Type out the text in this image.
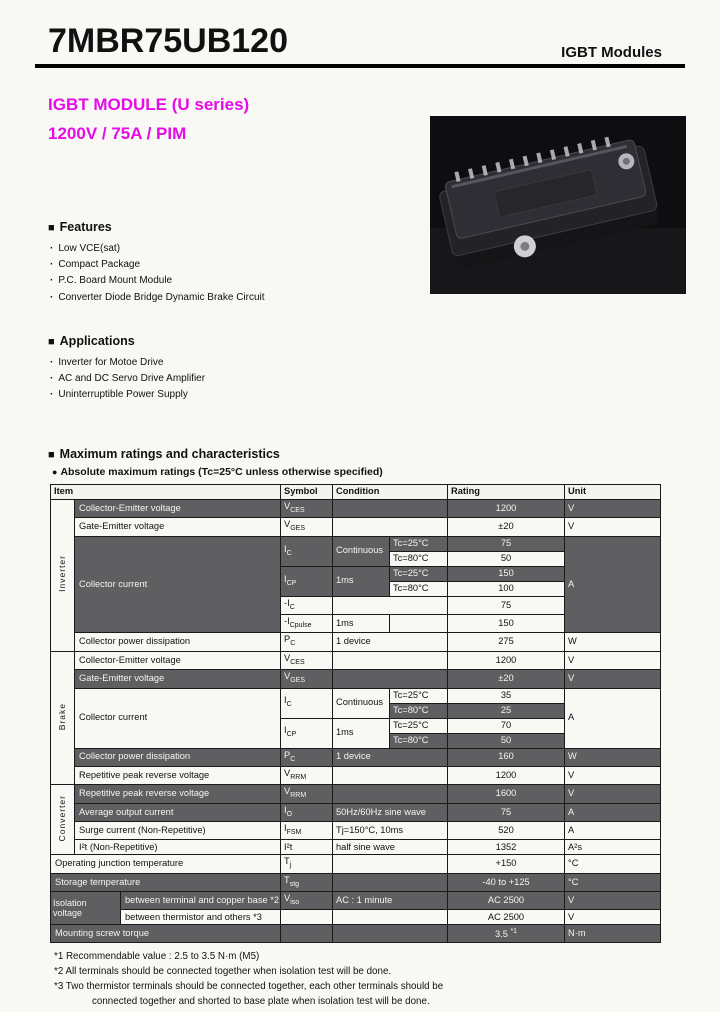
7MBR75UB120	IGBT Modules
IGBT MODULE (U series)
1200V / 75A / PIM
■ Features
· Low VCE(sat)
· Compact Package
· P.C. Board Mount Module
· Converter Diode Bridge Dynamic Brake Circuit
■ Applications
· Inverter for Motoe Drive
· AC and DC Servo Drive Amplifier
· Uninterruptible Power Supply
■ Maximum ratings and characteristics
● Absolute maximum ratings (Tc=25°C unless otherwise specified)
Item			Symbol	Condition		Rating	Unit
Inverter	Collector-Emitter voltage		$V_{CES}$			1200	V
	Gate-Emitter voltage		$V_{GES}$			±20	V
	Collector current		$I_C$	Continuous	Tc=25°C	75	A
					Tc=80°C	50	
			$I_{CP}$	1ms	Tc=25°C	150	
					Tc=80°C	100	
			$-I_C$			75	
			$-I_{Cpulse}$	1ms		150	
	Collector power dissipation		$P_C$	1 device		275	W
Brake	Collector-Emitter voltage		$V_{CES}$			1200	V
	Gate-Emitter voltage		$V_{GES}$			±20	V
	Collector current		$I_C$	Continuous	Tc=25°C	35	A
					Tc=80°C	25	
			$I_{CP}$	1ms	Tc=25°C	70	
					Tc=80°C	50	
	Collector power dissipation		$P_C$	1 device		160	W
	Repetitive peak reverse voltage		$V_{RRM}$			1200	V
Converter	Repetitive peak reverse voltage		$V_{RRM}$			1600	V
	Average output current		$I_O$	50Hz/60Hz sine wave		75	A
	Surge current (Non-Repetitive)		$I_{FSM}$	Tj=150°C, 10ms		520	A
	I²t (Non-Repetitive)		I²t	half sine wave		1352	A²s
Operating junction temperature			$T_j$			+150	°C
Storage temperature			$T_{stg}$			-40 to +125	°C
Isolation voltage		between terminal and copper base *2	$V_{iso}$	AC : 1 minute		AC 2500	V
		between thermistor and others *3				AC 2500	V
Mounting screw torque						3.5 $^{*1}$	N·m
*1 Recommendable value : 2.5 to 3.5 N·m (M5)
*2 All terminals should be connected together when isolation test will be done.
*3 Two thermistor terminals should be connected together, each other terminals should be
connected together and shorted to base plate when isolation test will be done.
